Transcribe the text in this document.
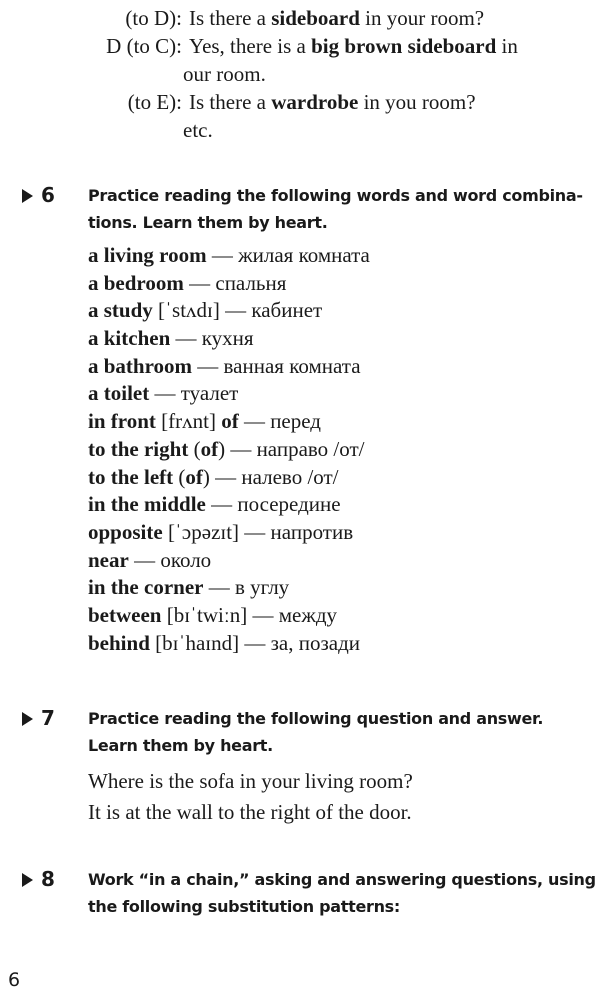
(to D): Is there a sideboard in your room?
D (to C): Yes, there is a big brown sideboard in
our room.
(to E): Is there a wardrobe in you room?
etc.
6 Practice reading the following words and word combina-
tions. Learn them by heart.
a living room — жилая комната
a bedroom — спальня
a study [ˈstʌdɪ] — кабинет
a kitchen — кухня
a bathroom — ванная комната
a toilet — туалет
in front [frʌnt] of — перед
to the right (of) — направо /от/
to the left (of) — налево /от/
in the middle — посередине
opposite [ˈɔpəzɪt] — напротив
near — около
in the corner — в углу
between [bɪˈtwiːn] — между
behind [bɪˈhaɪnd] — за, позади
7 Practice reading the following question and answer.
Learn them by heart.
Where is the sofa in your living room?
It is at the wall to the right of the door.
8 Work “in a chain,” asking and answering questions, using
the following substitution patterns:
6
